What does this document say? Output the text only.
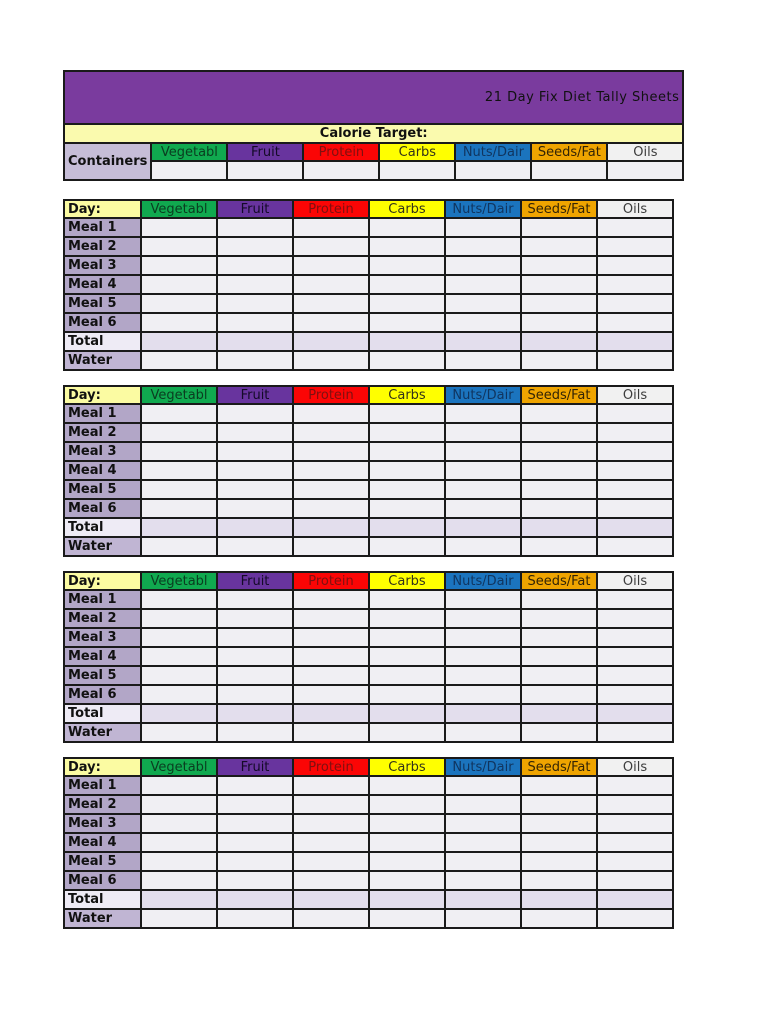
21 Day Fix Diet Tally Sheets							
Calorie Target:							
Containers	Vegetabl	Fruit	Protein	Carbs	Nuts/Dair	Seeds/Fat	Oils

Day:	Vegetabl	Fruit	Protein	Carbs	Nuts/Dair	Seeds/Fat	Oils
Meal 1							
Meal 2							
Meal 3							
Meal 4							
Meal 5							
Meal 6							
Total							
Water							
Day:	Vegetabl	Fruit	Protein	Carbs	Nuts/Dair	Seeds/Fat	Oils
Meal 1							
Meal 2							
Meal 3							
Meal 4							
Meal 5							
Meal 6							
Total							
Water							
Day:	Vegetabl	Fruit	Protein	Carbs	Nuts/Dair	Seeds/Fat	Oils
Meal 1							
Meal 2							
Meal 3							
Meal 4							
Meal 5							
Meal 6							
Total							
Water							
Day:	Vegetabl	Fruit	Protein	Carbs	Nuts/Dair	Seeds/Fat	Oils
Meal 1							
Meal 2							
Meal 3							
Meal 4							
Meal 5							
Meal 6							
Total							
Water							
